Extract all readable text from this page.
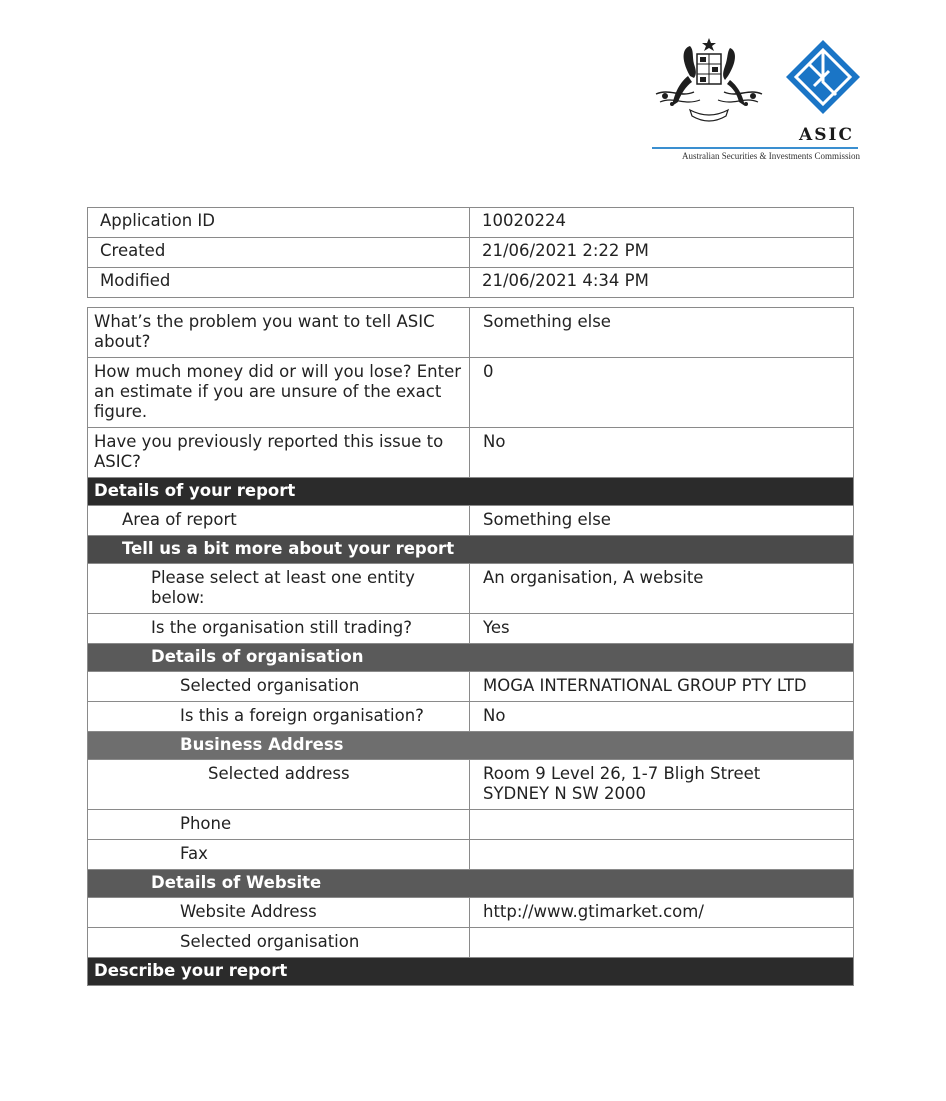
ASIC
Australian Securities & Investments Commission
Application ID	10020224
Created	21/06/2021 2:22 PM
Modified	21/06/2021 4:34 PM
What’s the problem you want to tell ASIC about?	Something else
How much money did or will you lose? Enter an estimate if you are unsure of the exact figure.	0
Have you previously reported this issue to ASIC?	No
Details of your report	
Area of report	Something else
Tell us a bit more about your report	
Please select at least one entity below:	An organisation, A website
Is the organisation still trading?	Yes
Details of organisation	
Selected organisation	MOGA INTERNATIONAL GROUP PTY LTD
Is this a foreign organisation?	No
Business Address	
Selected address	Room 9 Level 26, 1-7 Bligh Street
SYDNEY N SW 2000

Phone	
Fax	
Details of Website	
Website Address	http://www.gtimarket.com/
Selected organisation	
Describe your report	
